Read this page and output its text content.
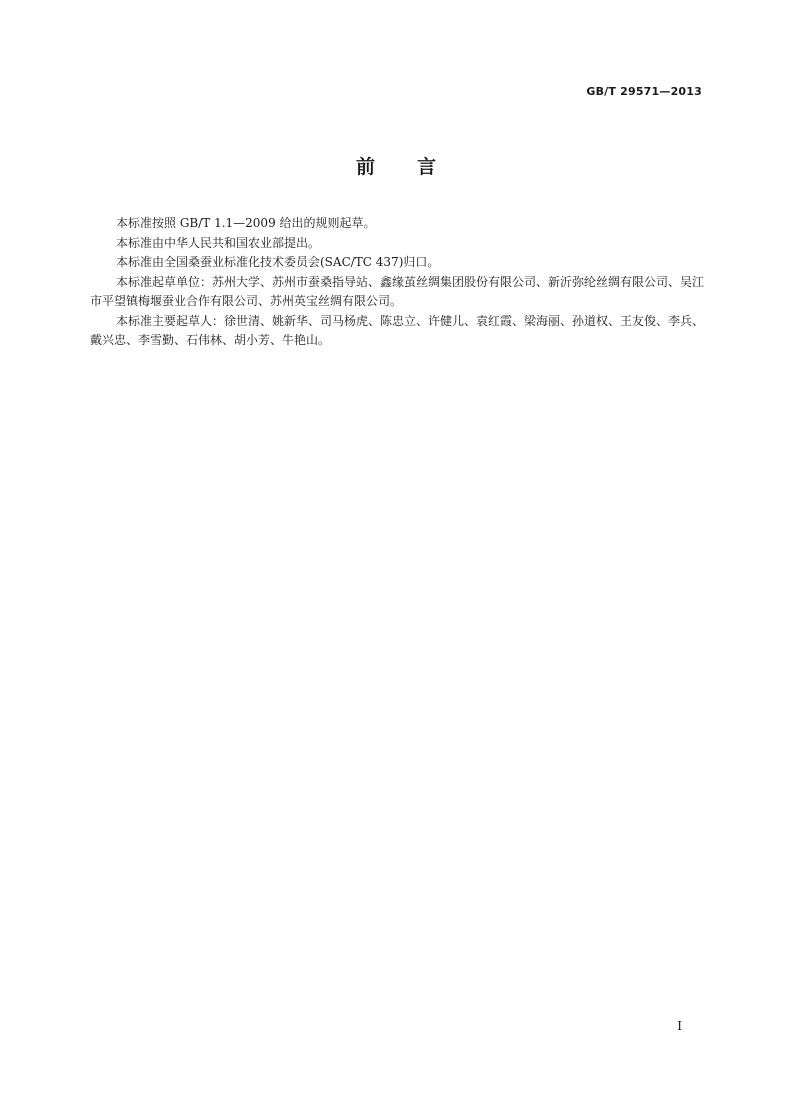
GB/T 29571—2013
前 言

本标准按照 GB/T 1.1—2009 给出的规则起草。

本标准由中华人民共和国农业部提出。

本标准由全国桑蚕业标准化技术委员会(SAC/TC 437)归口。

本标准起草单位：苏州大学、苏州市蚕桑指导站、鑫缘茧丝绸集团股份有限公司、新沂弥纶丝绸有限公司、吴江市平望镇梅堰蚕业合作有限公司、苏州英宝丝绸有限公司。

本标准主要起草人：徐世清、姚新华、司马杨虎、陈忠立、许健儿、袁红霞、梁海丽、孙道权、王友俊、李兵、戴兴忠、李雪勤、石伟林、胡小芳、牛艳山。

I
